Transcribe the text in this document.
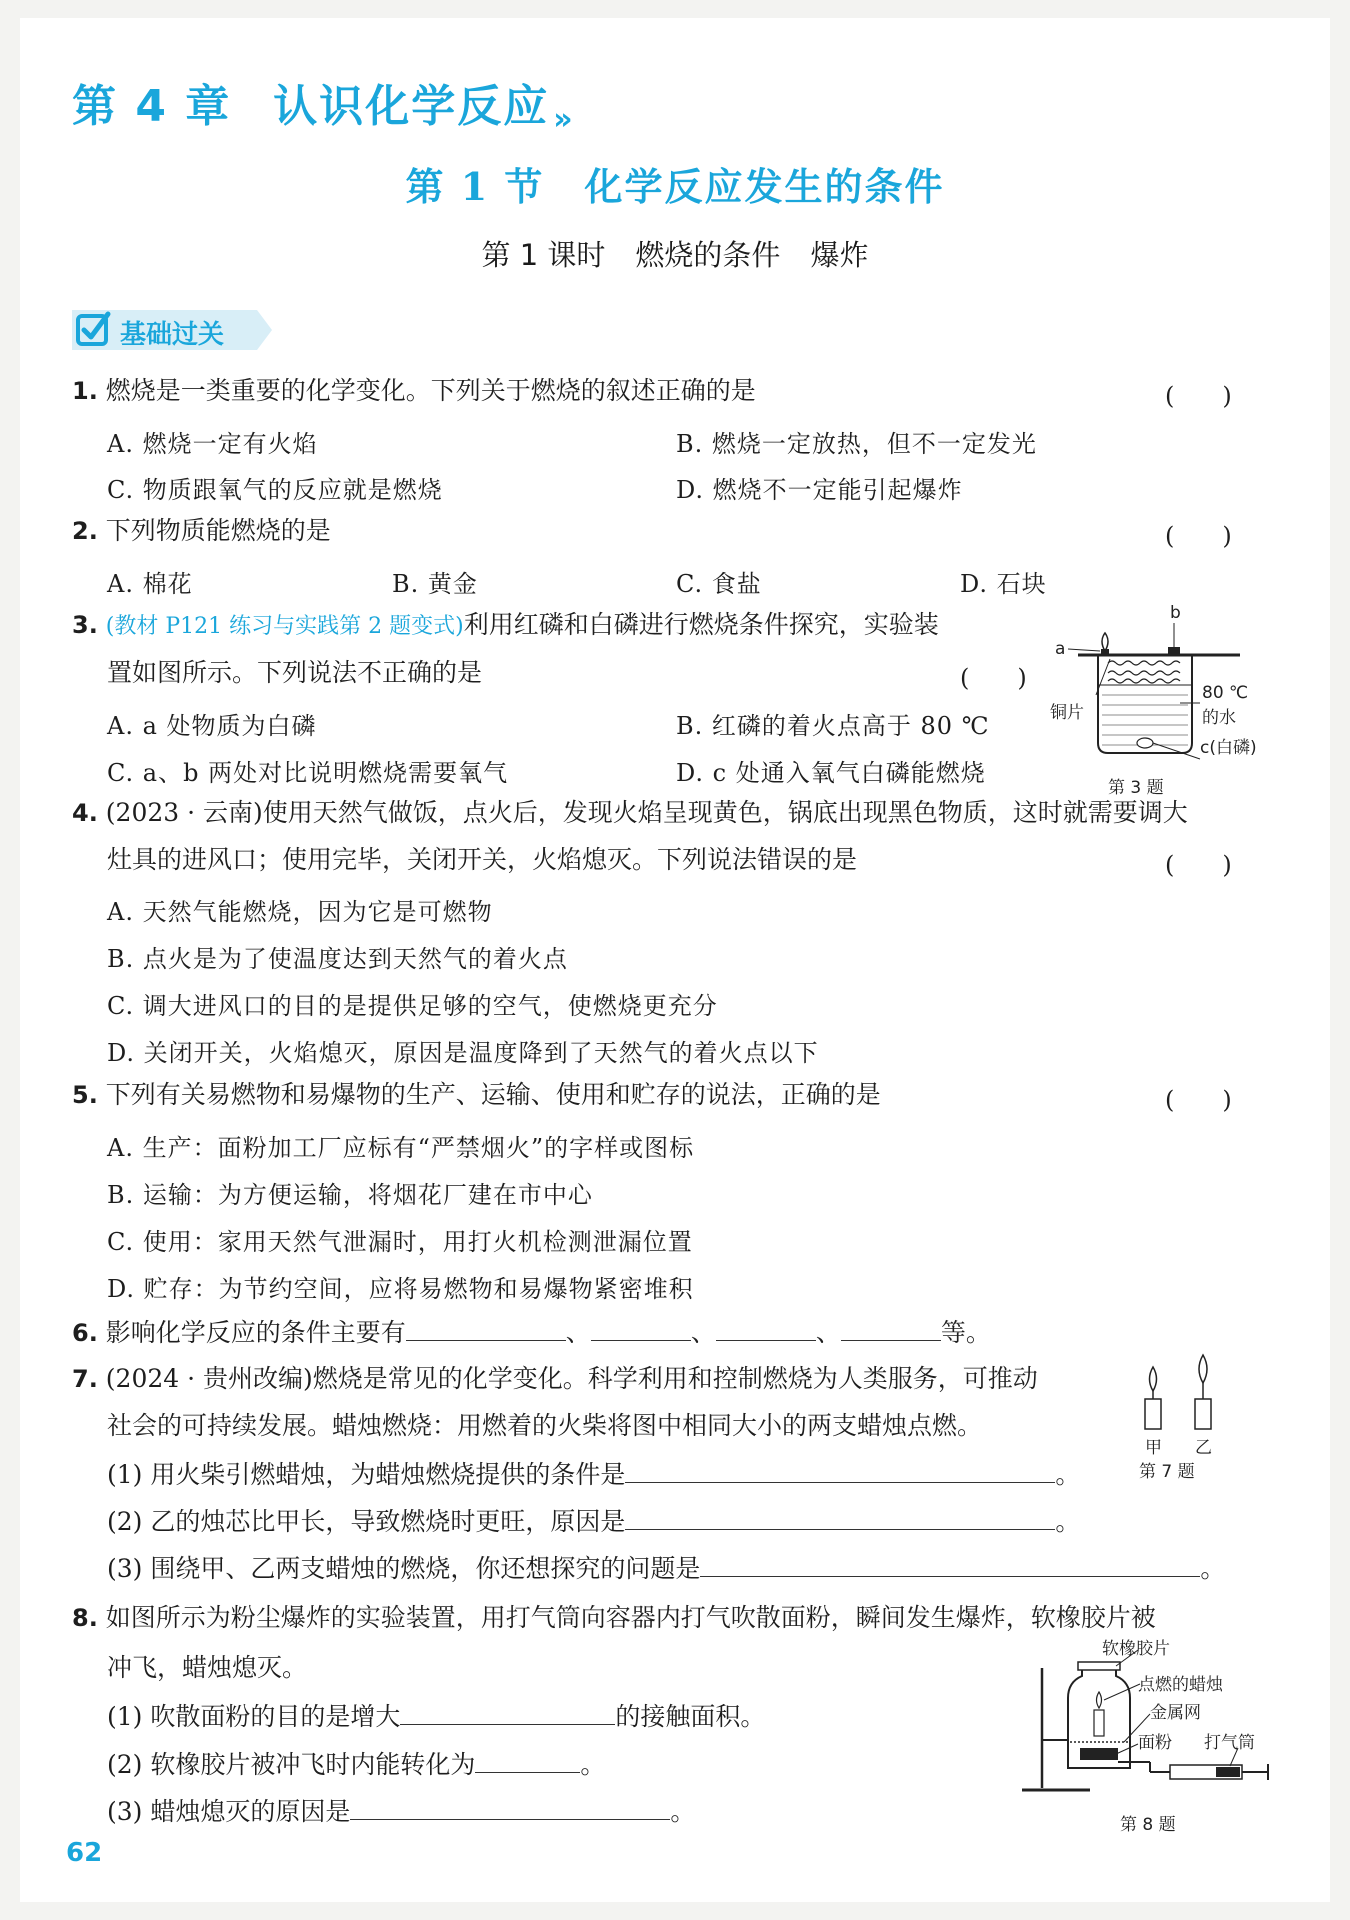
第 4 章 认识化学反应 »
第 1 节 化学反应发生的条件
第 1 课时 燃烧的条件 爆炸
基础过关
1. 燃烧是一类重要的化学变化。下列关于燃烧的叙述正确的是	(　　)
A. 燃烧一定有火焰	B. 燃烧一定放热，但不一定发光
C. 物质跟氧气的反应就是燃烧	D. 燃烧不一定能引起爆炸
2. 下列物质能燃烧的是	(　　)
A. 棉花	B. 黄金	C. 食盐	D. 石块
3. (教材 P121 练习与实践第 2 题变式)利用红磷和白磷进行燃烧条件探究，实验装
置如图所示。下列说法不正确的是	(　　)
A. a 处物质为白磷	B. 红磷的着火点高于 80 ℃
C. a、b 两处对比说明燃烧需要氧气	D. c 处通入氧气白磷能燃烧
a
b
铜片
80 ℃
的水
c(白磷)
第 3 题
4. (2023 · 云南)使用天然气做饭，点火后，发现火焰呈现黄色，锅底出现黑色物质，这时就需要调大
灶具的进风口；使用完毕，关闭开关，火焰熄灭。下列说法错误的是	(　　)
A. 天然气能燃烧，因为它是可燃物
B. 点火是为了使温度达到天然气的着火点
C. 调大进风口的目的是提供足够的空气，使燃烧更充分
D. 关闭开关，火焰熄灭，原因是温度降到了天然气的着火点以下
5. 下列有关易燃物和易爆物的生产、运输、使用和贮存的说法，正确的是	(　　)
A. 生产：面粉加工厂应标有“严禁烟火”的字样或图标
B. 运输：为方便运输，将烟花厂建在市中心
C. 使用：家用天然气泄漏时，用打火机检测泄漏位置
D. 贮存：为节约空间，应将易燃物和易爆物紧密堆积
6. 影响化学反应的条件主要有	、	、	、	等。
7. (2024 · 贵州改编)燃烧是常见的化学变化。科学利用和控制燃烧为人类服务，可推动
社会的可持续发展。蜡烛燃烧：用燃着的火柴将图中相同大小的两支蜡烛点燃。
(1) 用火柴引燃蜡烛，为蜡烛燃烧提供的条件是	。
(2) 乙的烛芯比甲长，导致燃烧时更旺，原因是	。
(3) 围绕甲、乙两支蜡烛的燃烧，你还想探究的问题是	。
甲 乙
第 7 题
8. 如图所示为粉尘爆炸的实验装置，用打气筒向容器内打气吹散面粉，瞬间发生爆炸，软橡胶片被
冲飞，蜡烛熄灭。
(1) 吹散面粉的目的是增大	的接触面积。
(2) 软橡胶片被冲飞时内能转化为	。
(3) 蜡烛熄灭的原因是	。
软橡胶片
点燃的蜡烛
金属网
面粉 打气筒
第 8 题
62
